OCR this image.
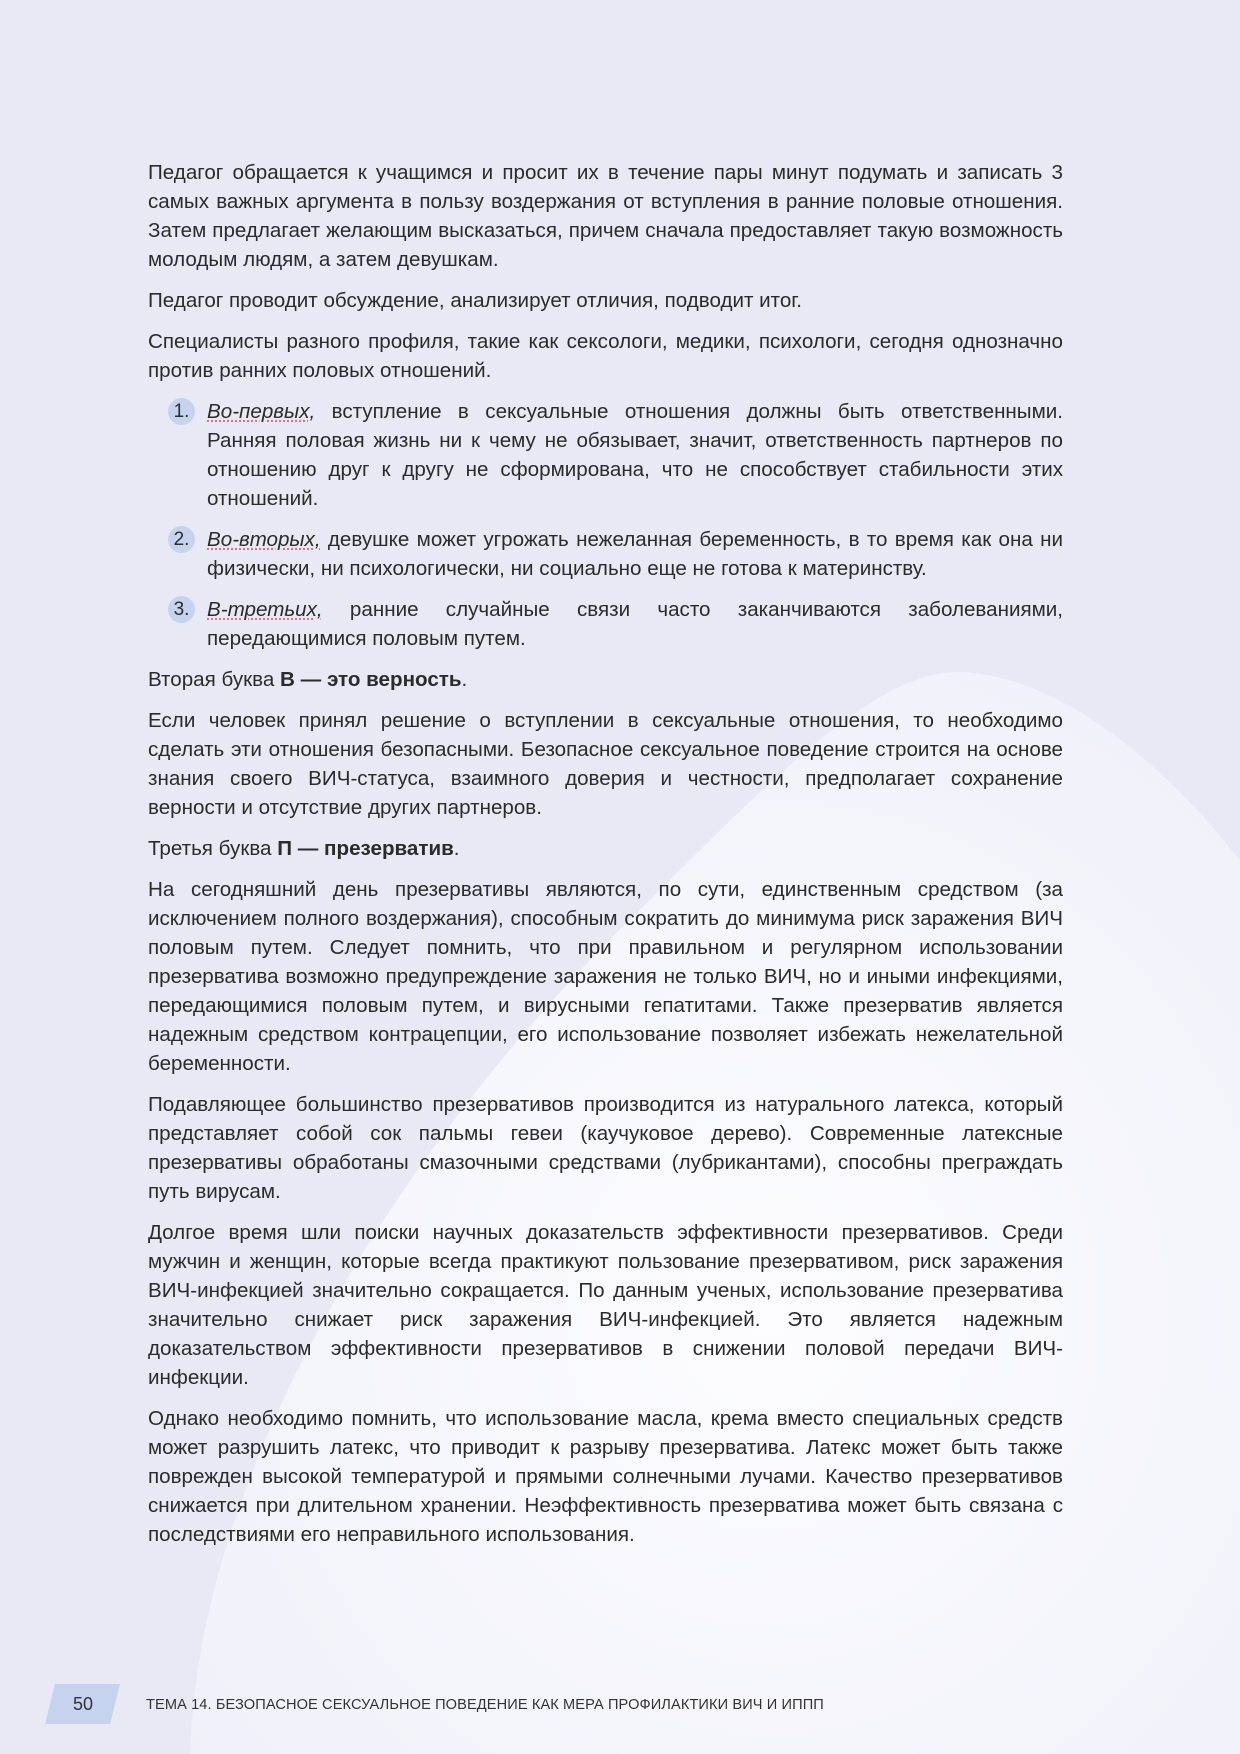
Педагог обращается к учащимся и просит их в течение пары минут подумать и записать 3 самых важных аргумента в пользу воздержания от вступления в ранние половые отношения. Затем предлагает желающим высказаться, причем сначала предоставляет такую возможность молодым людям, а затем девушкам.

Педагог проводит обсуждение, анализирует отличия, подводит итог.

Специалисты разного профиля, такие как сексологи, медики, психологи, сегодня однозначно против ранних половых отношений.

1. Во-первых, вступление в сексуальные отношения должны быть ответственными. Ранняя половая жизнь ни к чему не обязывает, значит, ответственность партнеров по отношению друг к другу не сформирована, что не способствует стабильности этих отношений.
2. Во-вторых, девушке может угрожать нежеланная беременность, в то время как она ни физически, ни психологически, ни социально еще не готова к материнству.
3. В-третьих, ранние случайные связи часто заканчиваются заболеваниями, передающимися половым путем.

Вторая буква В — это верность.

Если человек принял решение о вступлении в сексуальные отношения, то необходимо сделать эти отношения безопасными. Безопасное сексуальное поведение строится на основе знания своего ВИЧ-статуса, взаимного доверия и честности, предполагает сохранение верности и отсутствие других партнеров.

Третья буква П — презерватив.

На сегодняшний день презервативы являются, по сути, единственным средством (за исключением полного воздержания), способным сократить до минимума риск заражения ВИЧ половым путем. Следует помнить, что при правильном и регулярном использовании презерватива возможно предупреждение заражения не только ВИЧ, но и иными инфекциями, передающимися половым путем, и вирусными гепатитами. Также презерватив является надежным средством контрацепции, его использование позволяет избежать нежелательной беременности.

Подавляющее большинство презервативов производится из натурального латекса, который представляет собой сок пальмы гевеи (каучуковое дерево). Современные латексные презервативы обработаны смазочными средствами (лубрикантами), способны преграждать путь вирусам.

Долгое время шли поиски научных доказательств эффективности презервативов. Среди мужчин и женщин, которые всегда практикуют пользование презервативом, риск заражения ВИЧ-инфекцией значительно сокращается. По данным ученых, использование презерватива значительно снижает риск заражения ВИЧ-инфекцией. Это является надежным доказательством эффективности презервативов в снижении половой передачи ВИЧ-инфекции.

Однако необходимо помнить, что использование масла, крема вместо специальных средств может разрушить латекс, что приводит к разрыву презерватива. Латекс может быть также поврежден высокой температурой и прямыми солнечными лучами. Качество презервативов снижается при длительном хранении. Неэффективность презерватива может быть связана с последствиями его неправильного использования.

50	ТЕМА 14. БЕЗОПАСНОЕ СЕКСУАЛЬНОЕ ПОВЕДЕНИЕ КАК МЕРА ПРОФИЛАКТИКИ ВИЧ И ИППП
